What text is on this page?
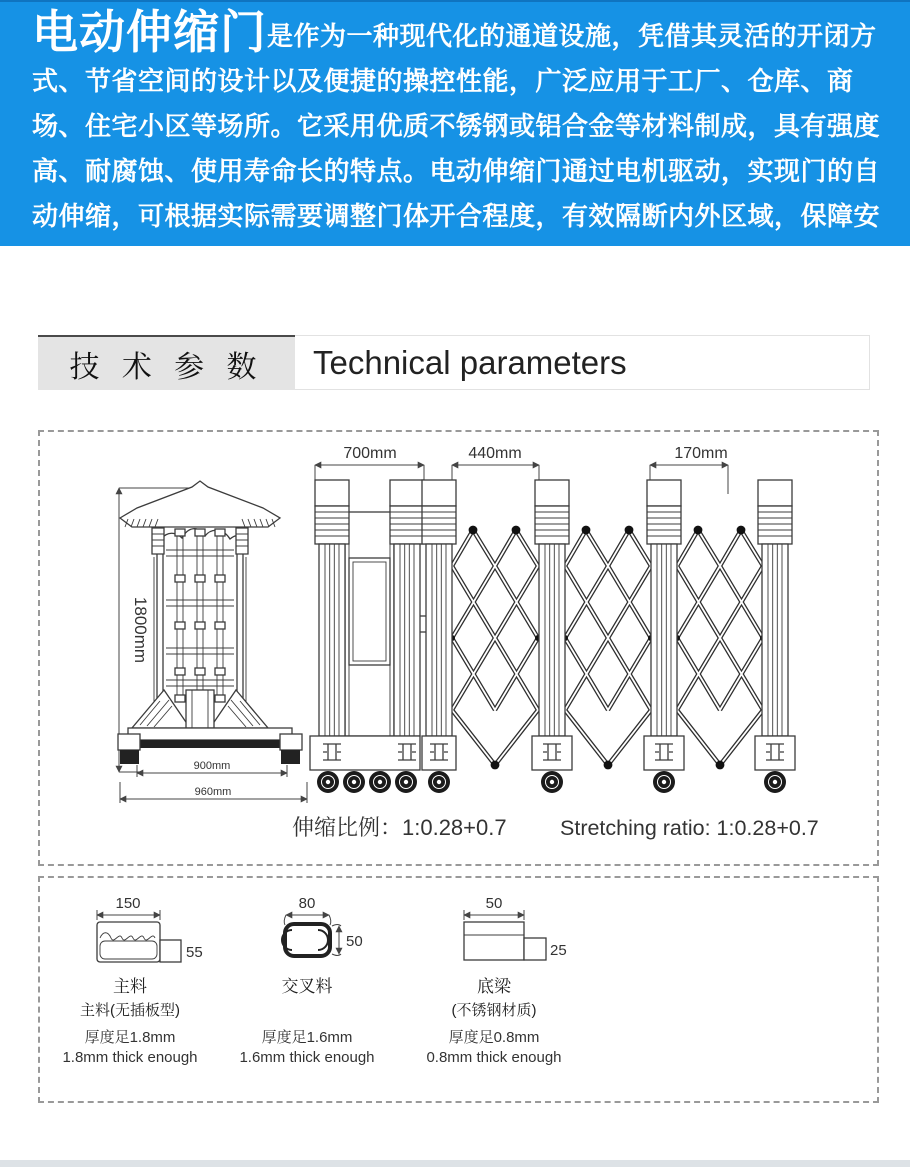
电动伸缩门是作为一种现代化的通道设施，凭借其灵活的开闭方式、节省空间的设计以及便捷的操控性能，广泛应用于工厂、仓库、商场、住宅小区等场所。它采用优质不锈钢或铝合金等材料制成，具有强度高、耐腐蚀、使用寿命长的特点。电动伸缩门通过电机驱动，实现门的自动伸缩，可根据实际需要调整门体开合程度，有效隔断内外区域，保障安全。

技 术 参 数	Technical parameters
1800mm
900mm
960mm
700mm	440mm	170mm
伸缩比例：1:0.28+0.7 Stretching ratio: 1:0.28+0.7
150
55
80
50
50
25
主料
主料(无插板型)
厚度足1.8mm
1.8mm thick enough
交叉料
厚度足1.6mm
1.6mm thick enough
底梁
(不锈钢材质)
厚度足0.8mm
0.8mm thick enough
